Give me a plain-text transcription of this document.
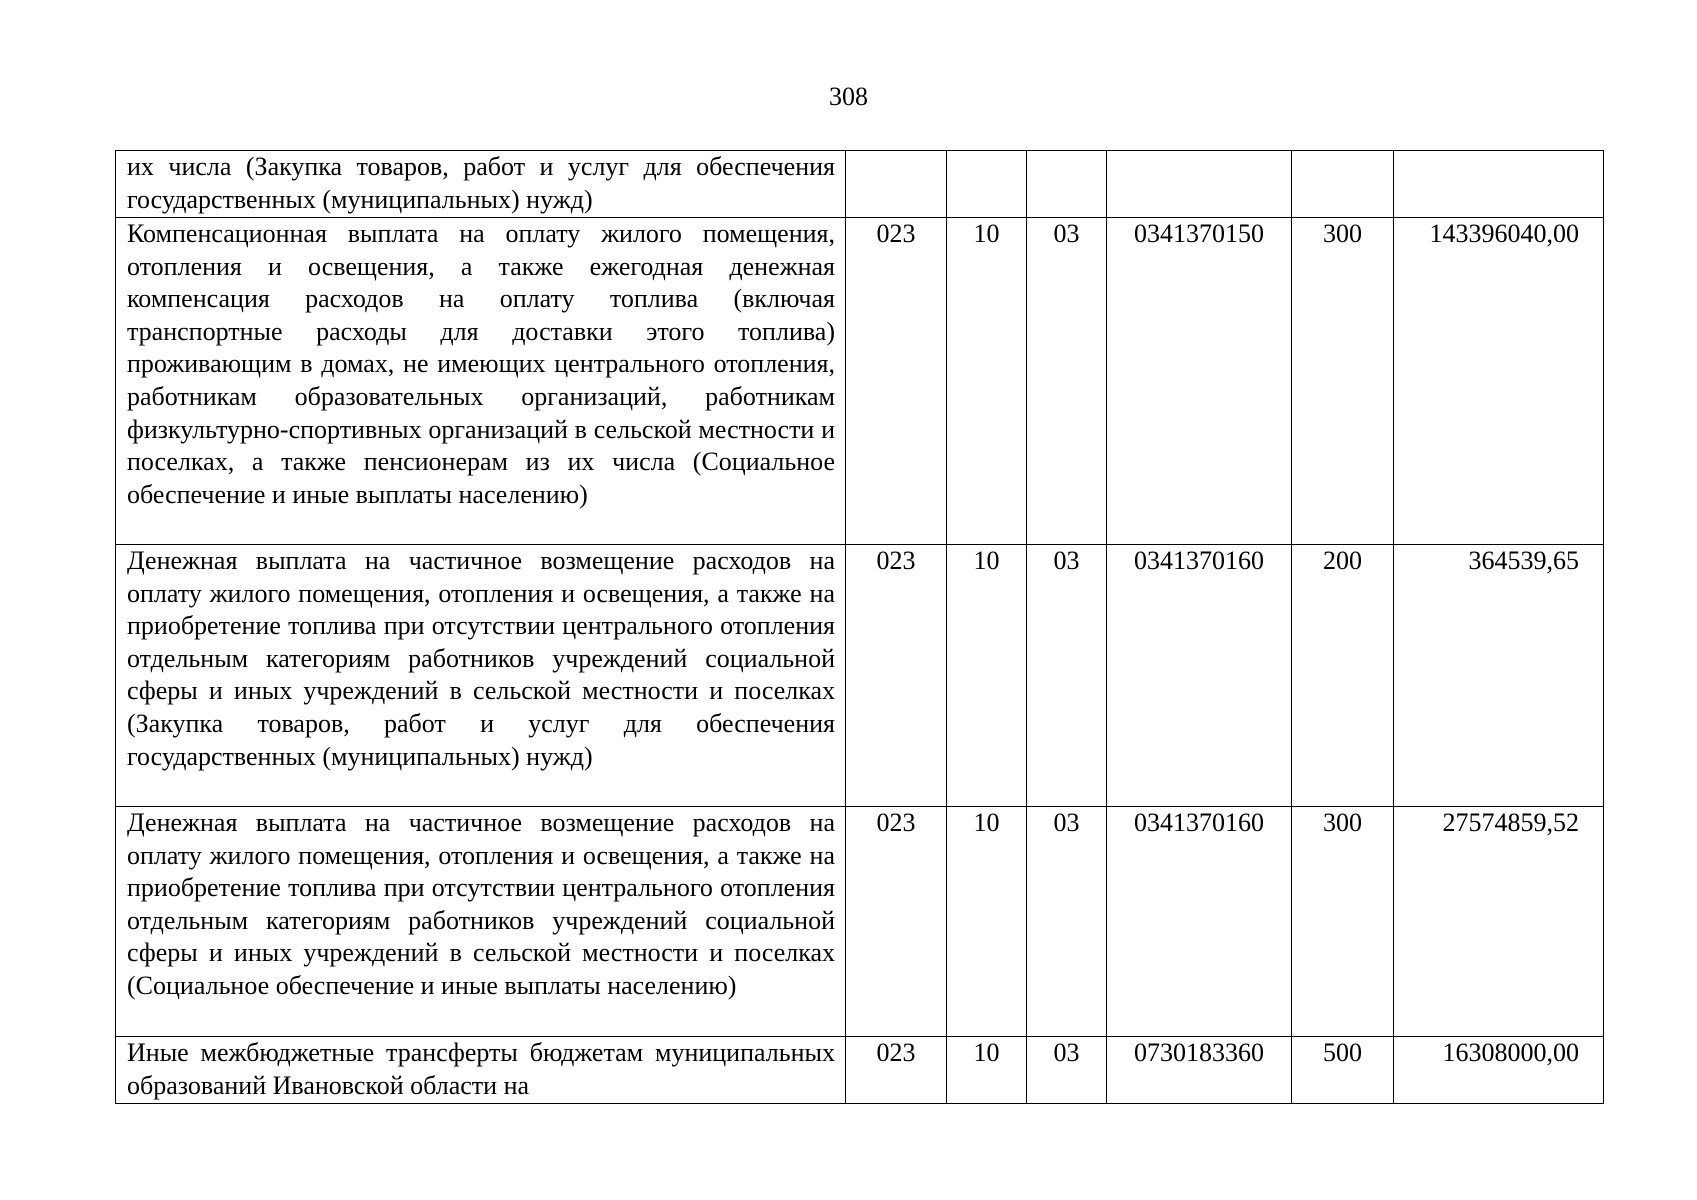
308
их числа (Закупка товаров, работ и услуг для обеспечения государственных (муниципальных) нужд)						
Компенсационная выплата на оплату жилого помещения, отопления и освещения, а также ежегодная денежная компенсация расходов на оплату топлива (включая транспортные расходы для доставки этого топлива) проживающим в домах, не имеющих центрального отопления, работникам образовательных организаций, работникам физкультурно-спортивных организаций в сельской местности и поселках, а также пенсионерам из их числа (Социальное обеспечение и иные выплаты населению)	023	10	03	0341370150	300	143396040,00
Денежная выплата на частичное возмещение расходов на оплату жилого помещения, отопления и освещения, а также на приобретение топлива при отсутствии центрального отопления отдельным категориям работников учреждений социальной сферы и иных учреждений в сельской местности и поселках (Закупка товаров, работ и услуг для обеспечения государственных (муниципальных) нужд)	023	10	03	0341370160	200	364539,65
Денежная выплата на частичное возмещение расходов на оплату жилого помещения, отопления и освещения, а также на приобретение топлива при отсутствии центрального отопления отдельным категориям работников учреждений социальной сферы и иных учреждений в сельской местности и поселках (Социальное обеспечение и иные выплаты населению)	023	10	03	0341370160	300	27574859,52
Иные межбюджетные трансферты бюджетам муниципальных образований Ивановской области на	023	10	03	0730183360	500	16308000,00
